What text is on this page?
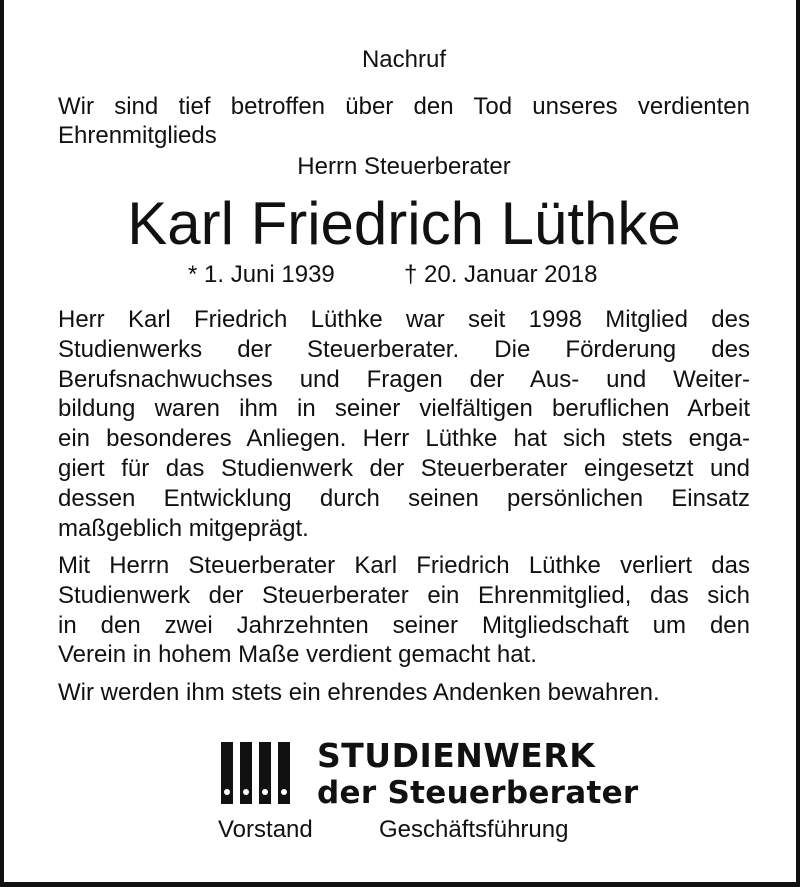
Nachruf
Wir sind tief betroffen über den Tod unseres verdienten
Ehrenmitglieds
Herrn Steuerberater
Karl Friedrich Lüthke
* 1. Juni 1939	† 20. Januar 2018
Herr Karl Friedrich Lüthke war seit 1998 Mitglied des
Studienwerks der Steuerberater. Die Förderung des
Berufsnachwuchses und Fragen der Aus- und Weiter-
bildung waren ihm in seiner vielfältigen beruflichen Arbeit
ein besonderes Anliegen. Herr Lüthke hat sich stets enga-
giert für das Studienwerk der Steuerberater eingesetzt und
dessen Entwicklung durch seinen persönlichen Einsatz
maßgeblich mitgeprägt.
Mit Herrn Steuerberater Karl Friedrich Lüthke verliert das
Studienwerk der Steuerberater ein Ehrenmitglied, das sich
in den zwei Jahrzehnten seiner Mitgliedschaft um den
Verein in hohem Maße verdient gemacht hat.
Wir werden ihm stets ein ehrendes Andenken bewahren.
STUDIENWERK
der Steuerberater
Vorstand	Geschäftsführung
